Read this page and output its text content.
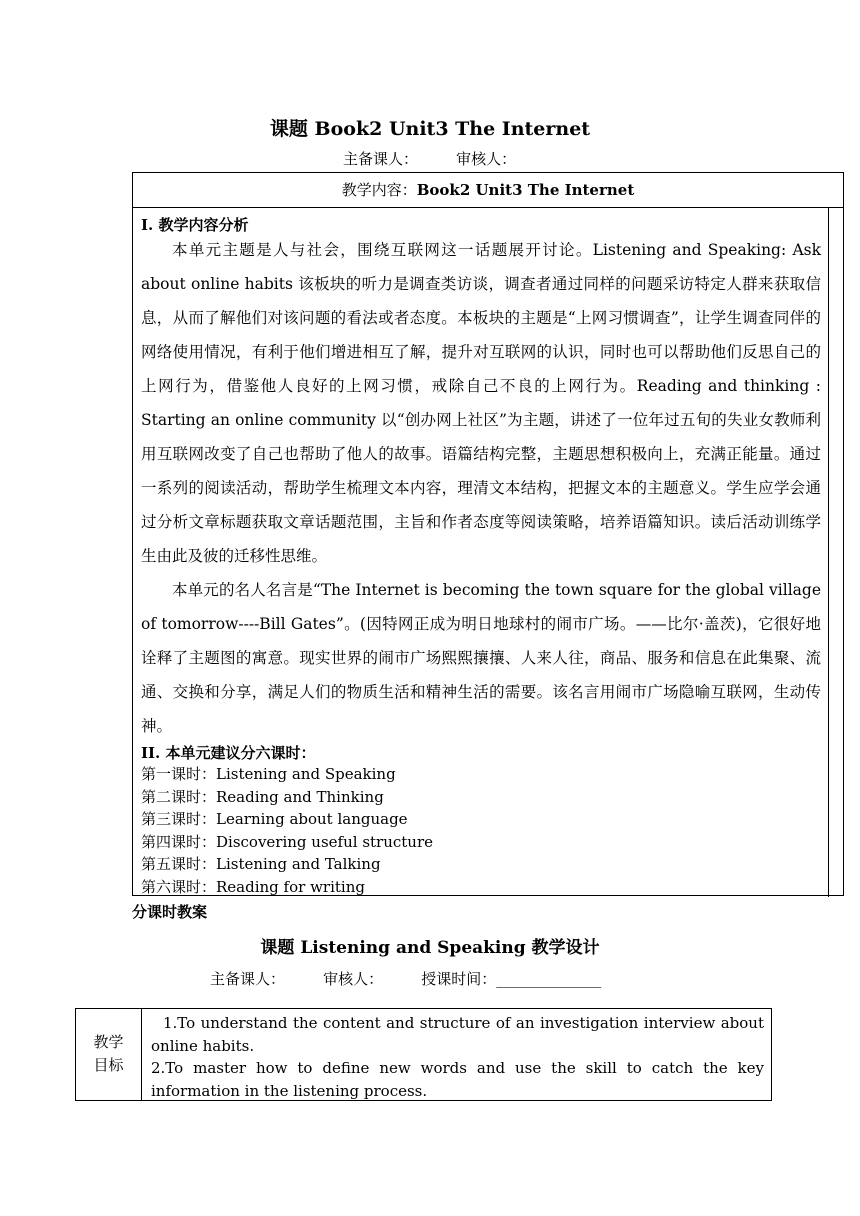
课题 Book2 Unit3 The Internet
主备课人：        审核人：
教学内容：Book2 Unit3 The Internet
I. 教学内容分析
本单元主题是人与社会，围绕互联网这一话题展开讨论。Listening and Speaking: Ask about online habits 该板块的听力是调查类访谈，调查者通过同样的问题采访特定人群来获取信息，从而了解他们对该问题的看法或者态度。本板块的主题是“上网习惯调查”，让学生调查同伴的网络使用情况，有利于他们增进相互了解，提升对互联网的认识，同时也可以帮助他们反思自己的上网行为，借鉴他人良好的上网习惯，戒除自己不良的上网行为。Reading and thinking : Starting an online community 以“创办网上社区”为主题，讲述了一位年过五旬的失业女教师利用互联网改变了自己也帮助了他人的故事。语篇结构完整，主题思想积极向上，充满正能量。通过一系列的阅读活动，帮助学生梳理文本内容，理清文本结构，把握文本的主题意义。学生应学会通过分析文章标题获取文章话题范围，主旨和作者态度等阅读策略，培养语篇知识。读后活动训练学生由此及彼的迁移性思维。
本单元的名人名言是“The Internet is becoming the town square for the global village of tomorrow----Bill Gates”。(因特网正成为明日地球村的闹市广场。——比尔·盖茨)，它很好地诠释了主题图的寓意。现实世界的闹市广场熙熙攘攘、人来人往，商品、服务和信息在此集聚、流通、交换和分享，满足人们的物质生活和精神生活的需要。该名言用闹市广场隐喻互联网，生动传神。
II. 本单元建议分六课时：
第一课时：Listening and Speaking
第二课时：Reading and Thinking
第三课时：Learning about language
第四课时：Discovering useful structure
第五课时：Listening and Talking
第六课时：Reading for writing
分课时教案
课题 Listening and Speaking 教学设计
主备课人：        审核人：        授课时间：______________
教学
目标
1.To understand the content and structure of an investigation interview about online habits.
2.To master how to define new words and use the skill to catch the key information in the listening process.
